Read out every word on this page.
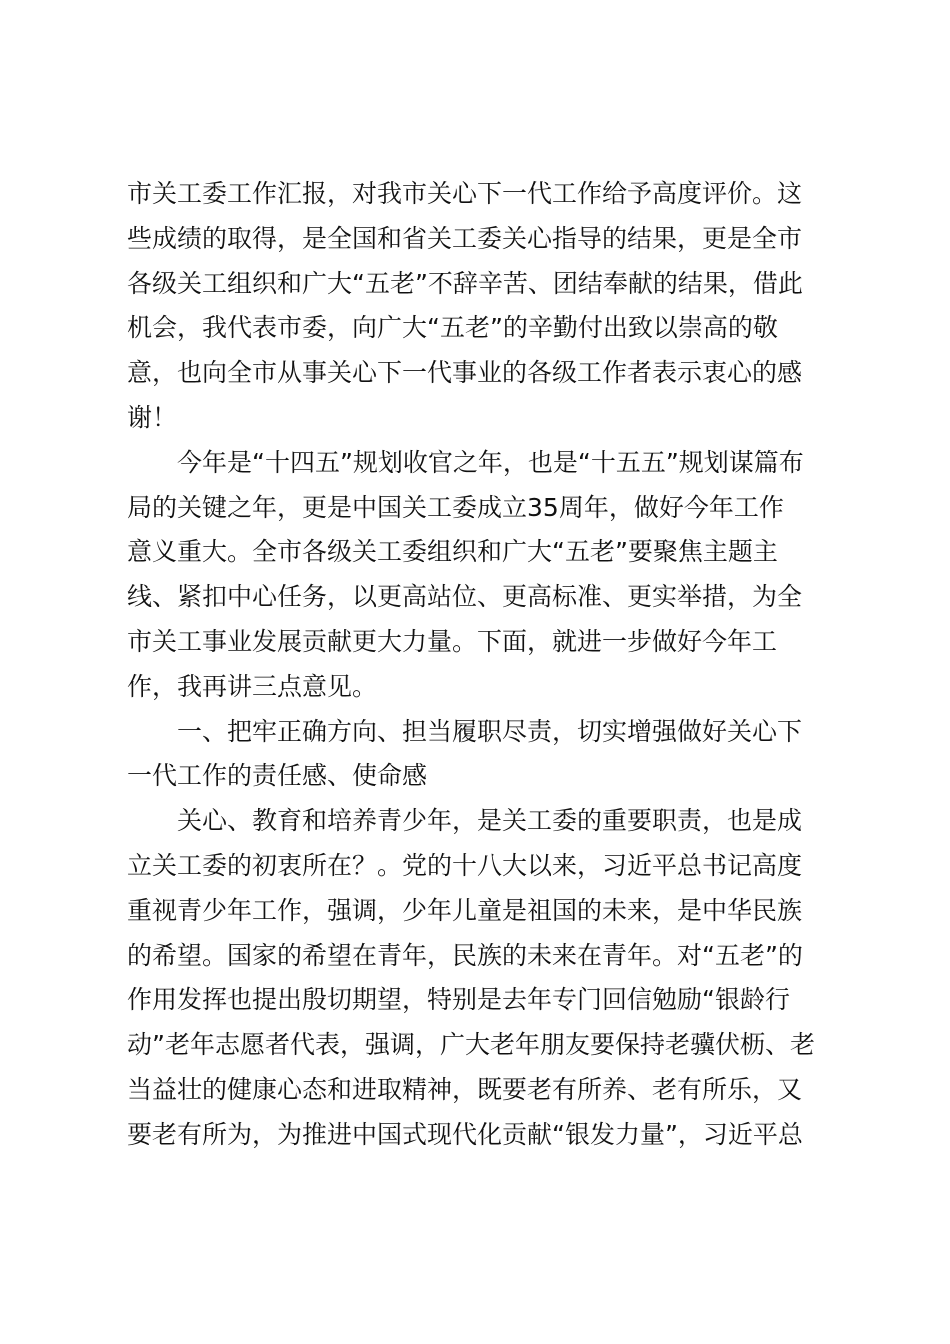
市关工委工作汇报，对我市关心下一代工作给予高度评价。这
些成绩的取得，是全国和省关工委关心指导的结果，更是全市
各级关工组织和广大“五老”不辞辛苦、团结奉献的结果，借此
机会，我代表市委，向广大“五老”的辛勤付出致以崇高的敬
意，也向全市从事关心下一代事业的各级工作者表示衷心的感
谢！
今年是“十四五”规划收官之年，也是“十五五”规划谋篇布
局的关键之年，更是中国关工委成立35周年，做好今年工作
意义重大。全市各级关工委组织和广大“五老”要聚焦主题主
线、紧扣中心任务，以更高站位、更高标准、更实举措，为全
市关工事业发展贡献更大力量。下面，就进一步做好今年工
作，我再讲三点意见。
一、把牢正确方向、担当履职尽责，切实增强做好关心下
一代工作的责任感、使命感
关心、教育和培养青少年，是关工委的重要职责，也是成
立关工委的初衷所在？。党的十八大以来，习近平总书记高度
重视青少年工作，强调，少年儿童是祖国的未来，是中华民族
的希望。国家的希望在青年，民族的未来在青年。对“五老”的
作用发挥也提出殷切期望，特别是去年专门回信勉励“银龄行
动”老年志愿者代表，强调，广大老年朋友要保持老骥伏枥、老
当益壮的健康心态和进取精神，既要老有所养、老有所乐，又
要老有所为，为推进中国式现代化贡献“银发力量”，习近平总
